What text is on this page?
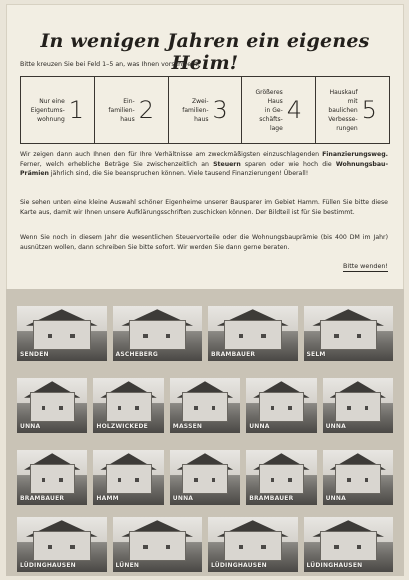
In wenigen Jahren ein eigenes Heim!
Bitte kreuzen Sie bei Feld 1–5 an, was Ihnen vorschwebt:
Nur eine
Eigentums-
wohnung 1	Ein-
familien-
haus 2	Zwei-
familien-
haus 3
Größeres
Haus
in Ge-
schäfts-
lage
4
Hauskauf
mit
baulichen
Verbesse-
rungen
5
Wir zeigen dann auch Ihnen den für Ihre Verhältnisse am zweckmäßigsten einzuschlagenden Finanzierungsweg. Ferner, welch erhebliche Beträge Sie zwischenzeitlich an Steuern sparen oder wie hoch die Wohnungsbau-Prämien jährlich sind, die Sie beanspruchen können. Viele tausend Finanzierungen! Überall!
Sie sehen unten eine kleine Auswahl schöner Eigenheime unserer Bausparer im Gebiet Hamm. Füllen Sie bitte diese Karte aus, damit wir Ihnen unsere Aufklärungsschriften zuschicken können. Der Bildteil ist für Sie bestimmt.
Wenn Sie noch in diesem Jahr die wesentlichen Steuervorteile oder die Wohnungsbauprämie (bis 400 DM im Jahr) ausnützen wollen, dann schreiben Sie bitte sofort. Wir werden Sie dann gerne beraten.
Bitte wenden!
SENDEN	ASCHEBERG	BRAMBAUER	SELM
UNNA	HOLZWICKEDE	MASSEN	UNNA	UNNA
BRAMBAUER	HAMM	UNNA	BRAMBAUER	UNNA
LÜDINGHAUSEN	LÜNEN	LÜDINGHAUSEN	LÜDINGHAUSEN
